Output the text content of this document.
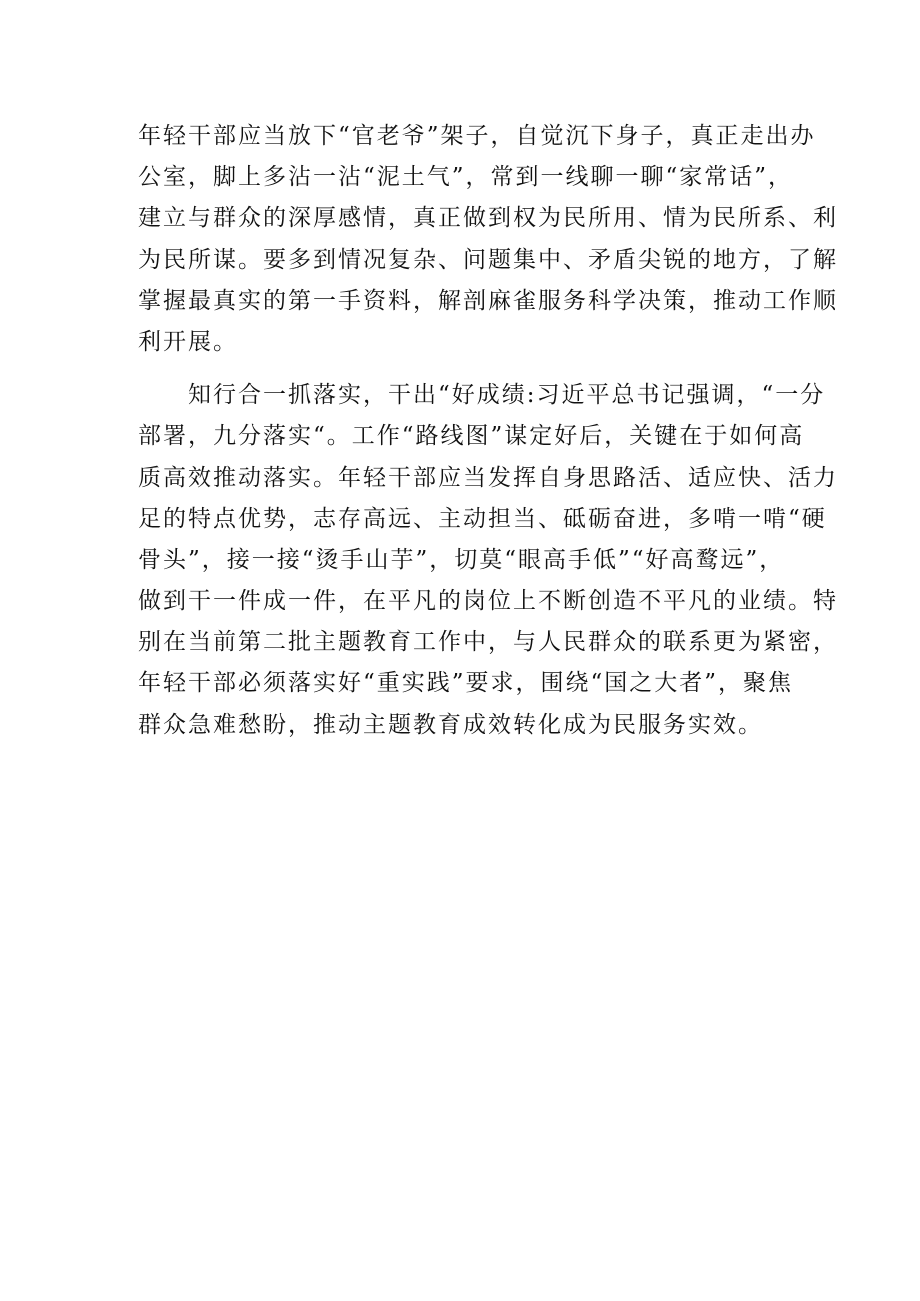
年轻干部应当放下“官老爷”架子，自觉沉下身子，真正走出办
公室，脚上多沾一沾“泥土气”，常到一线聊一聊“家常话”，
建立与群众的深厚感情，真正做到权为民所用、情为民所系、利
为民所谋。要多到情况复杂、问题集中、矛盾尖锐的地方，了解
掌握最真实的第一手资料，解剖麻雀服务科学决策，推动工作顺
利开展。
　　知行合一抓落实，干出“好成绩:习近平总书记强调，“一分
部署，九分落实“。工作“路线图”谋定好后，关键在于如何高
质高效推动落实。年轻干部应当发挥自身思路活、适应快、活力
足的特点优势，志存高远、主动担当、砥砺奋进，多啃一啃“硬
骨头”，接一接“烫手山芋”，切莫“眼高手低”“好高鹜远”，
做到干一件成一件，在平凡的岗位上不断创造不平凡的业绩。特
别在当前第二批主题教育工作中，与人民群众的联系更为紧密，
年轻干部必须落实好“重实践”要求，围绕“国之大者”，聚焦
群众急难愁盼，推动主题教育成效转化成为民服务实效。
